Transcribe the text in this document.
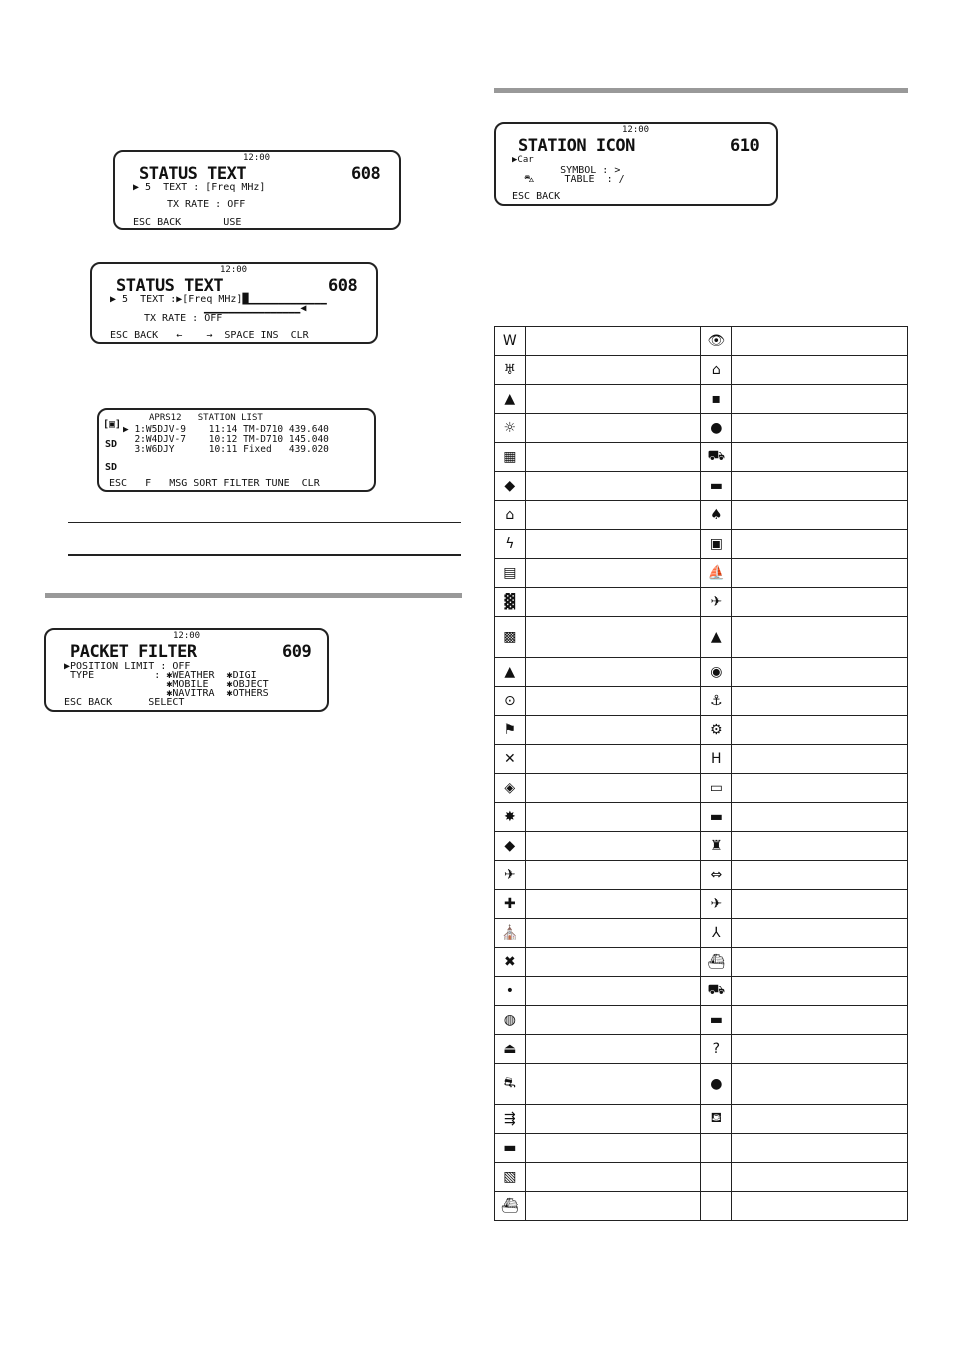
12:00
STATUS TEXT	608
▶ 5  TEXT : [Freq MHz]
TX RATE : OFF
ESC BACK       USE
12:00
STATUS TEXT	608
▶ 5  TEXT :▶[Freq MHz]█▁▁▁▁▁▁▁▁▁▁▁▁▁
▁▁▁▁▁▁▁▁▁▁▁▁▁▁▁▁◀
TX RATE : OFF
ESC BACK   ←    →  SPACE INS  CLR
APRS12   STATION LIST
[▣] ▶ 1:W5DJV-9    11:14 TM-D710 439.640
2:W4DJV-7    10:12 TM-D710 145.040
3:W6DJY      10:11 Fixed   439.020
SD
SD
ESC   F   MSG SORT FILTER TUNE  CLR
12:00
PACKET FILTER	609
▶POSITION LIMIT : OFF
TYPE          : ✱WEATHER  ✱DIGI
✱MOBILE   ✱OBJECT
✱NAVITRA  ✱OTHERS
ESC BACK      SELECT
12:00
STATION ICON	610
▶Car
SYMBOL : >
⛍     TABLE  : /
ESC BACK
W		👁	
♅		⌂	
▲		▪	
☼		●	
▦		⛟	
◆		▬	
⌂		♠	
ϟ		▣	
▤		⛵	
▓		✈	
▩		▲	
▲		◉	
⊙		⚓	
⚑		⚙	
✕		H	
◈		▭	
✸		▬	
◆		♜	
✈		⇔	
✚		✈	
⛪		⅄	
✖		⛴	
•		⛟	
◍		▬	
⏏		?	
⛐		●	
⇶		⛾	
▬			
▧			
⛴			
